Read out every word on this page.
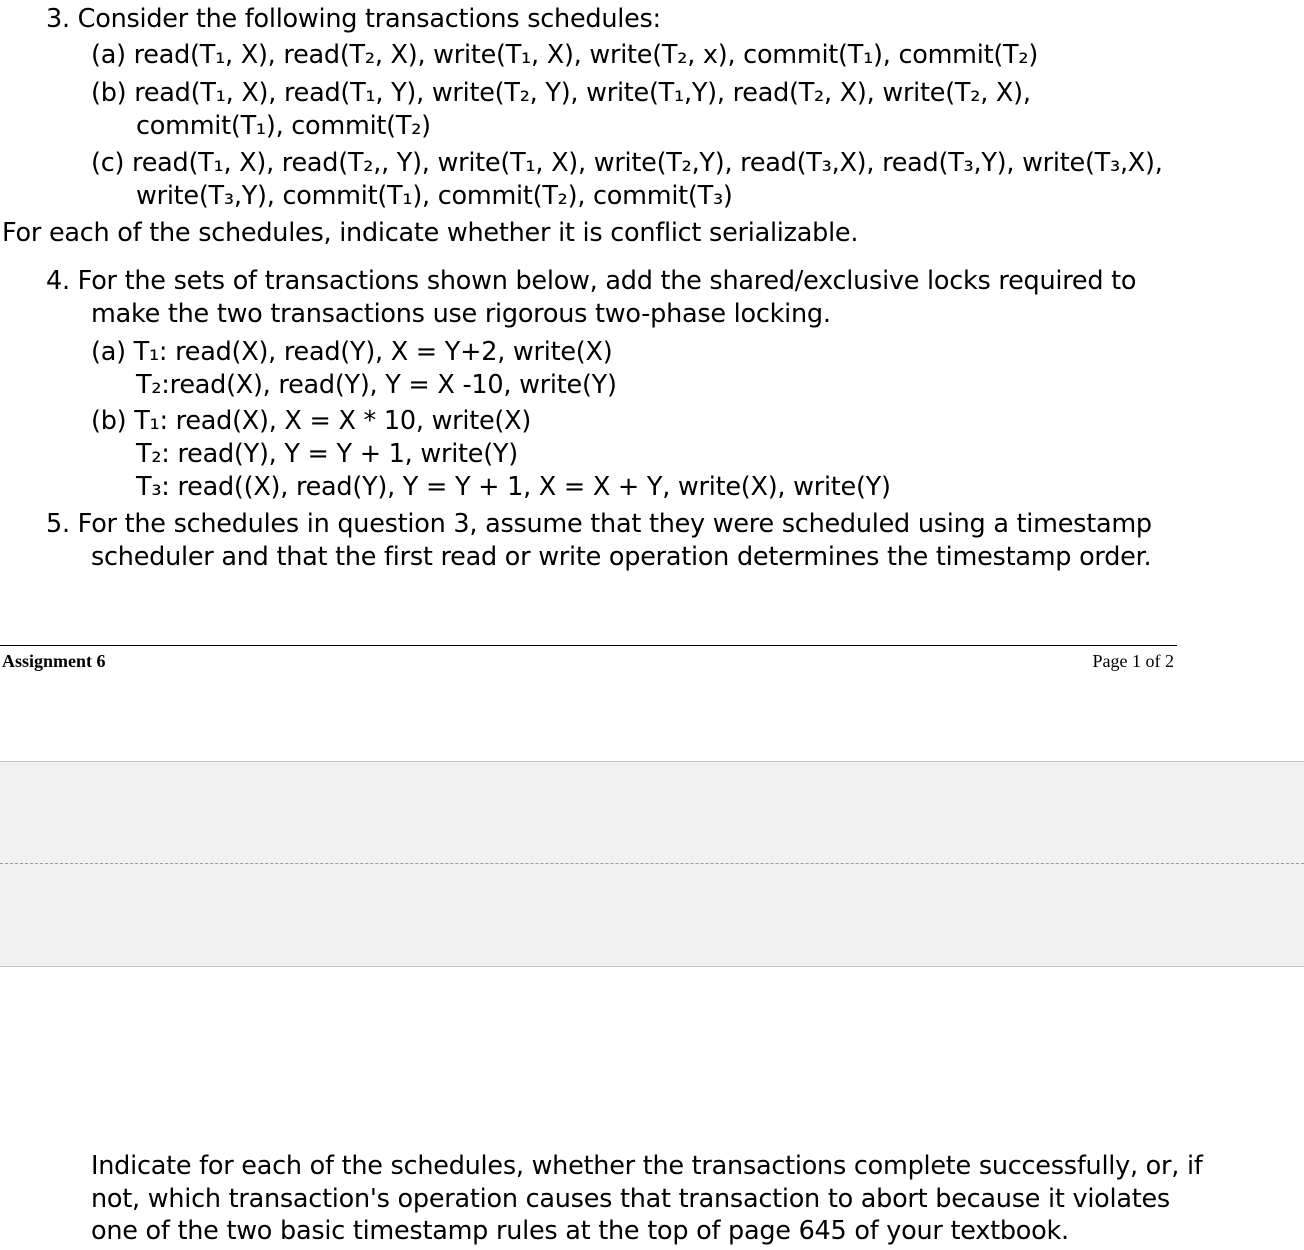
3. Consider the following transactions schedules:
(a) read(T₁, X), read(T₂, X), write(T₁, X), write(T₂, x), commit(T₁), commit(T₂)
(b) read(T₁, X), read(T₁, Y), write(T₂, Y), write(T₁,Y), read(T₂, X), write(T₂, X),
commit(T₁), commit(T₂)
(c) read(T₁, X), read(T₂,, Y), write(T₁, X), write(T₂,Y), read(T₃,X), read(T₃,Y), write(T₃,X),
write(T₃,Y), commit(T₁), commit(T₂), commit(T₃)
For each of the schedules, indicate whether it is conflict serializable.
4. For the sets of transactions shown below, add the shared/exclusive locks required to
make the two transactions use rigorous two-phase locking.
(a) T₁: read(X), read(Y), X = Y+2, write(X)
T₂:read(X), read(Y), Y = X -10, write(Y)
(b) T₁: read(X), X = X * 10, write(X)
T₂: read(Y), Y = Y + 1, write(Y)
T₃: read((X), read(Y), Y = Y + 1, X = X + Y, write(X), write(Y)
5. For the schedules in question 3, assume that they were scheduled using a timestamp
scheduler and that the first read or write operation determines the timestamp order.
Assignment 6	Page 1 of 2
Indicate for each of the schedules, whether the transactions complete successfully, or, if
not, which transaction's operation causes that transaction to abort because it violates
one of the two basic timestamp rules at the top of page 645 of your textbook.
